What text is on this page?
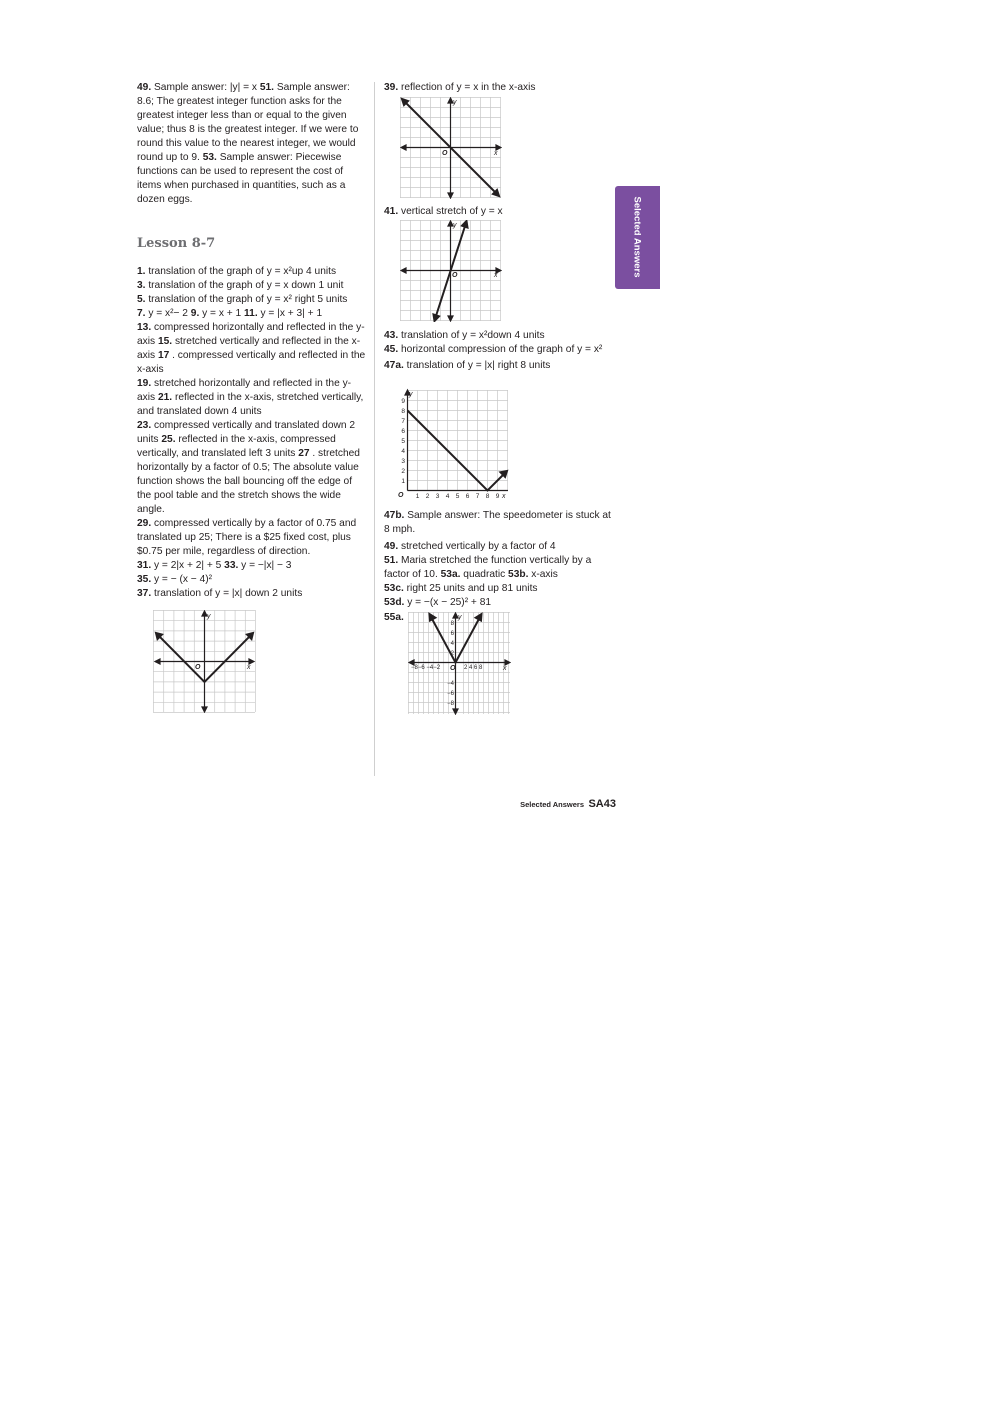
49. Sample answer: |y| = x 51. Sample answer: 8.6; The greatest integer function asks for the greatest integer less than or equal to the given value; thus 8 is the greatest integer. If we were to round this value to the nearest integer, we would round up to 9. 53. Sample answer: Piecewise functions can be used to represent the cost of items when purchased in quantities, such as a dozen eggs.

Lesson 8-7

1. translation of the graph of y = x²up 4 units

3. translation of the graph of y = x down 1 unit

5. translation of the graph of y = x² right 5 units

7. y = x²− 2 9. y = x + 1 11. y = |x + 3| + 1

13. compressed horizontally and reflected in the y-axis 15. stretched vertically and reflected in the x-axis 17 . compressed vertically and reflected in the x-axis

19. stretched horizontally and reflected in the y-axis 21. reflected in the x-axis, stretched vertically, and translated down 4 units

23. compressed vertically and translated down 2 units 25. reflected in the x-axis, compressed vertically, and translated left 3 units 27 . stretched horizontally by a factor of 0.5; The absolute value function shows the ball bouncing off the edge of the pool table and the stretch shows the wide angle.

29. compressed vertically by a factor of 0.75 and translated up 25; There is a $25 fixed cost, plus $0.75 per mile, regardless of direction.

31. y = 2|x + 2| + 5 33. y = −|x| − 3

35. y = − (x − 4)²

37. translation of y = |x| down 2 units

y
x
O

39. reflection of y = x in the x-axis

y
x
O

41. vertical stretch of y = x

y
x
O

43. translation of y = x²down 4 units

45. horizontal compression of the graph of y = x²

47a. translation of y = |x| right 8 units

9
8
7
6
5
4
3
2
1
1 2 3 4 5 6 7 8 9
y
x
O

47b. Sample answer: The speedometer is stuck at 8 mph.

49. stretched vertically by a factor of 4

51. Maria stretched the function vertically by a factor of 10. 53a. quadratic 53b. x-axis

53c. right 25 units and up 81 units

53d. y = −(x − 25)² + 81

55a.
8
6
4
2
−4
−6
−8
−8−6 −4−2	2 4 6 8
y
x
O
Selected Answers
Selected Answers SA43
